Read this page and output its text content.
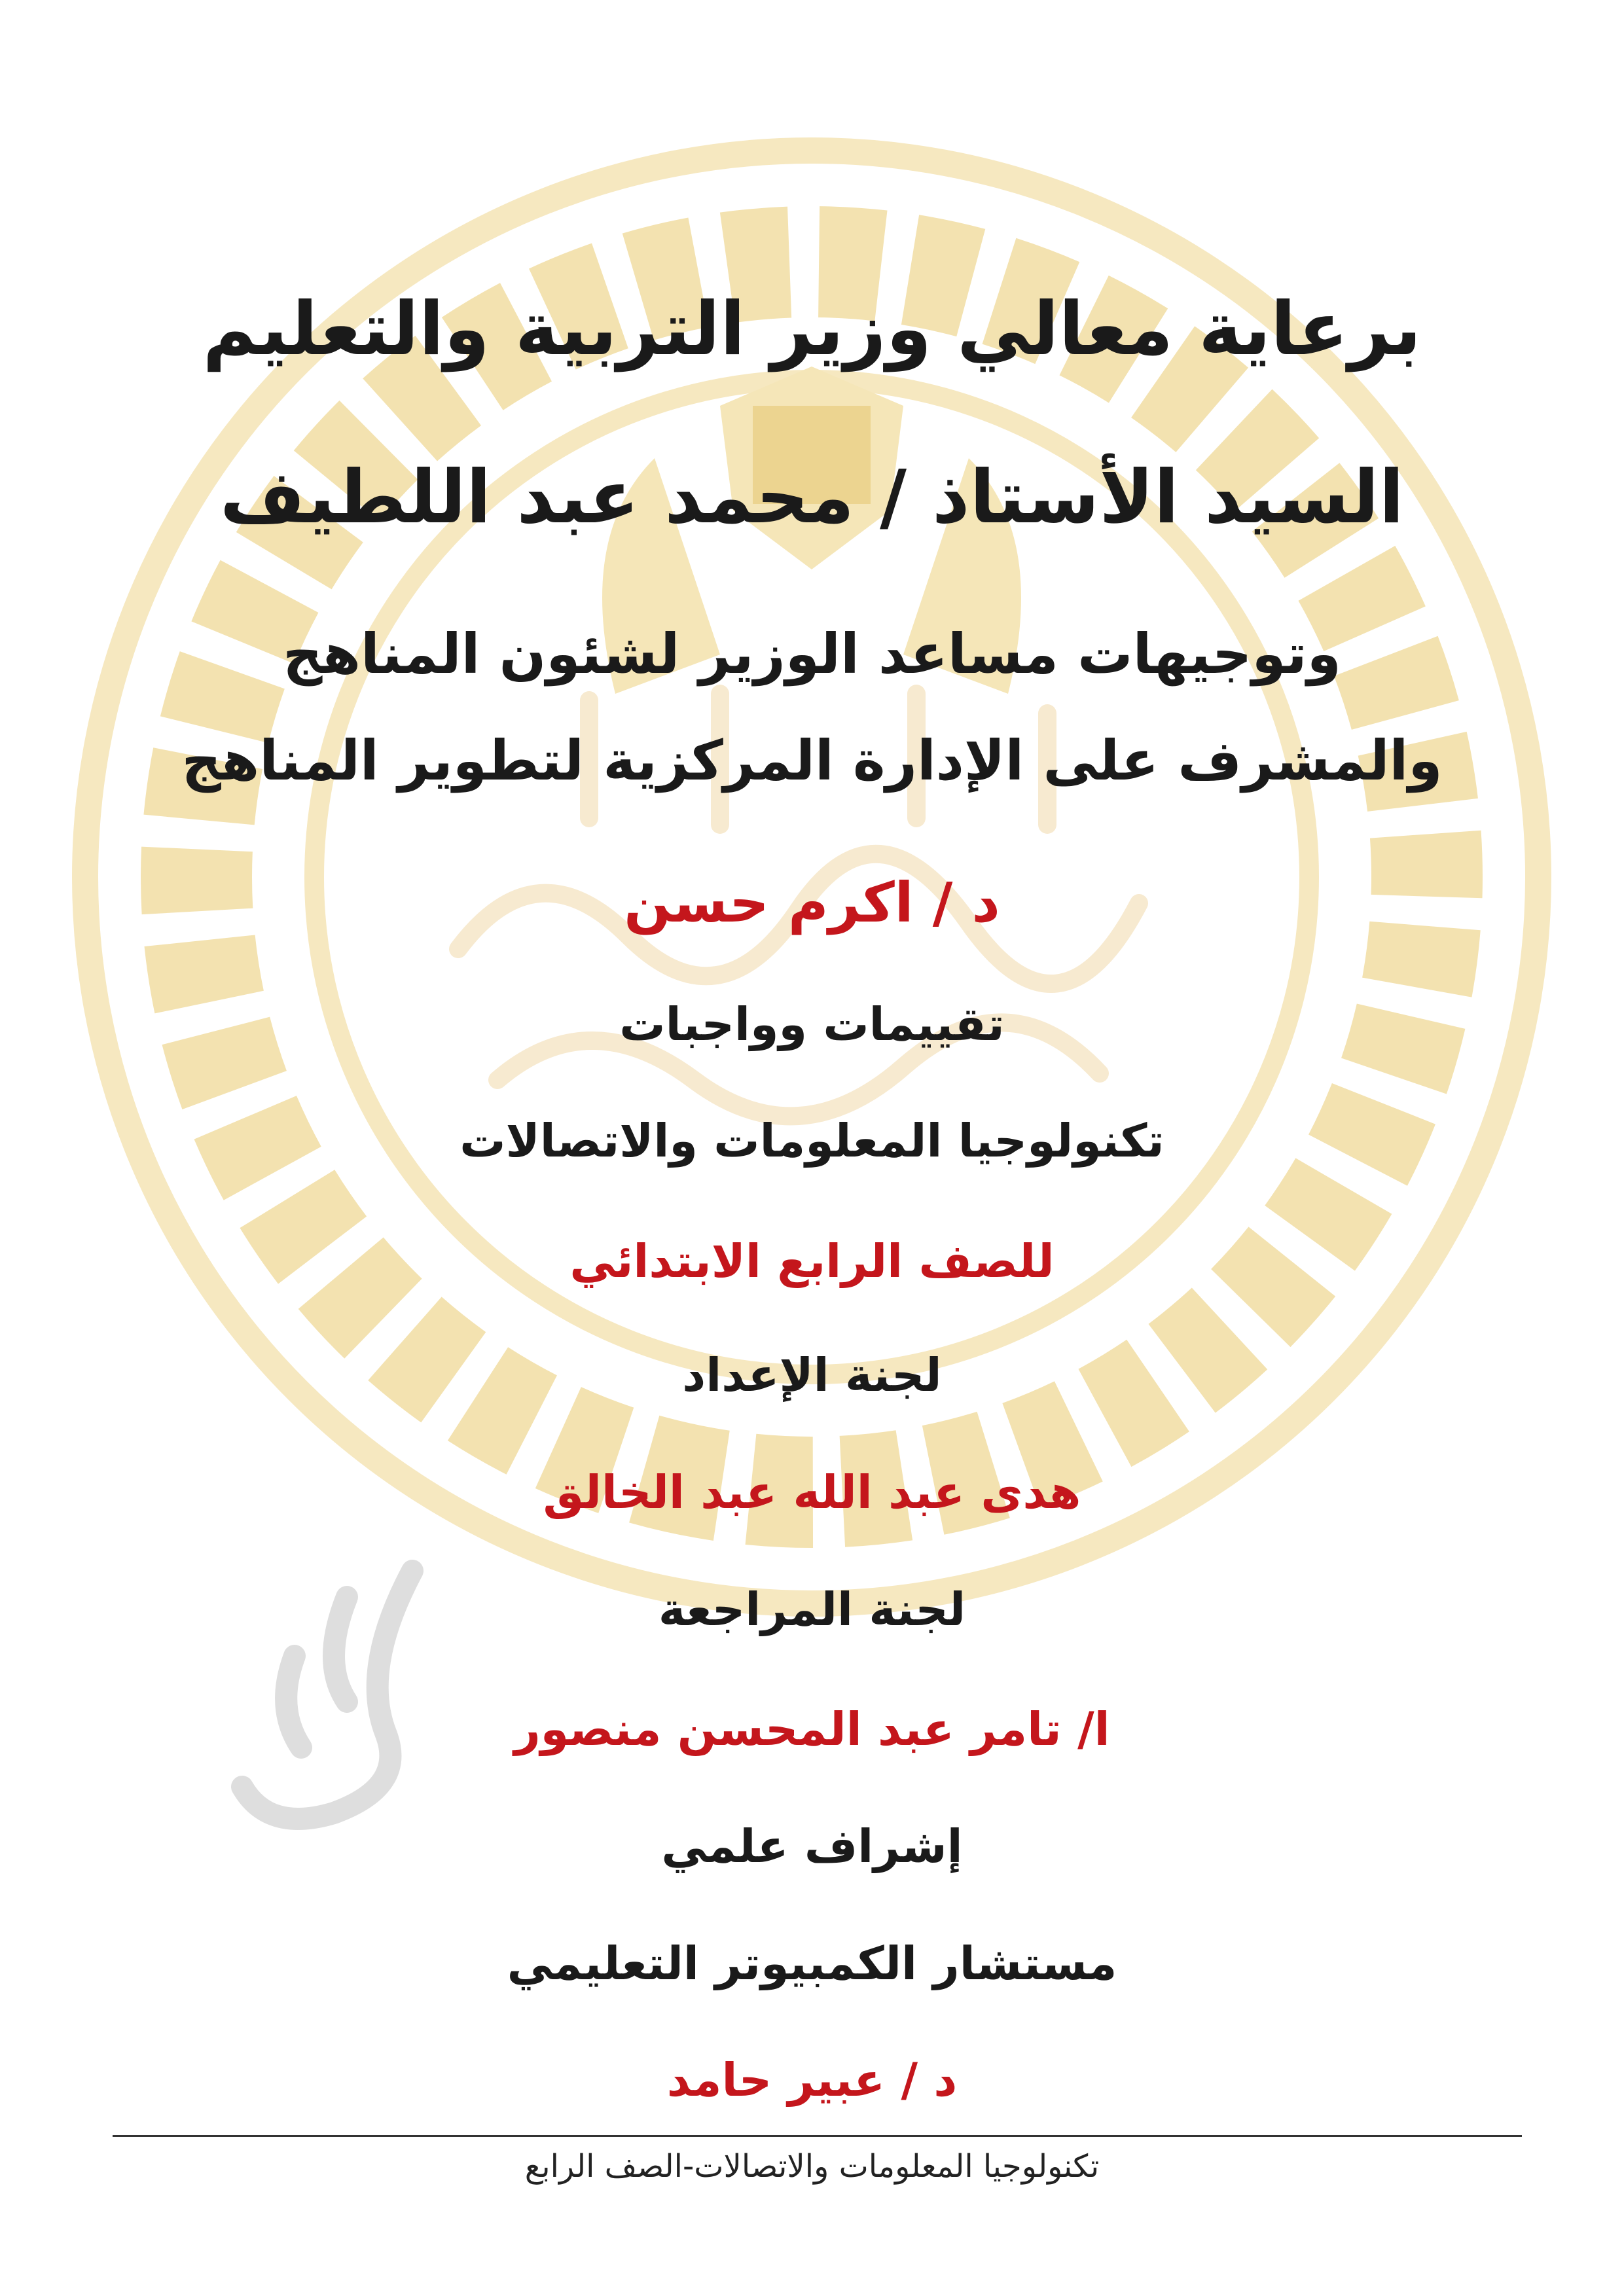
برعاية معالي وزير التربية والتعليم
السيد الأستاذ / محمد عبد اللطيف
وتوجيهات مساعد الوزير لشئون المناهج
والمشرف على الإدارة المركزية لتطوير المناهج
د / اكرم حسن
تقييمات وواجبات
تكنولوجيا المعلومات والاتصالات
للصف الرابع الابتدائي
لجنة الإعداد
هدى عبد الله عبد الخالق
لجنة المراجعة
ا/ تامر عبد المحسن منصور
إشراف علمي
مستشار الكمبيوتر التعليمي
د / عبير حامد
تكنولوجيا المعلومات والاتصالات-الصف الرابع
